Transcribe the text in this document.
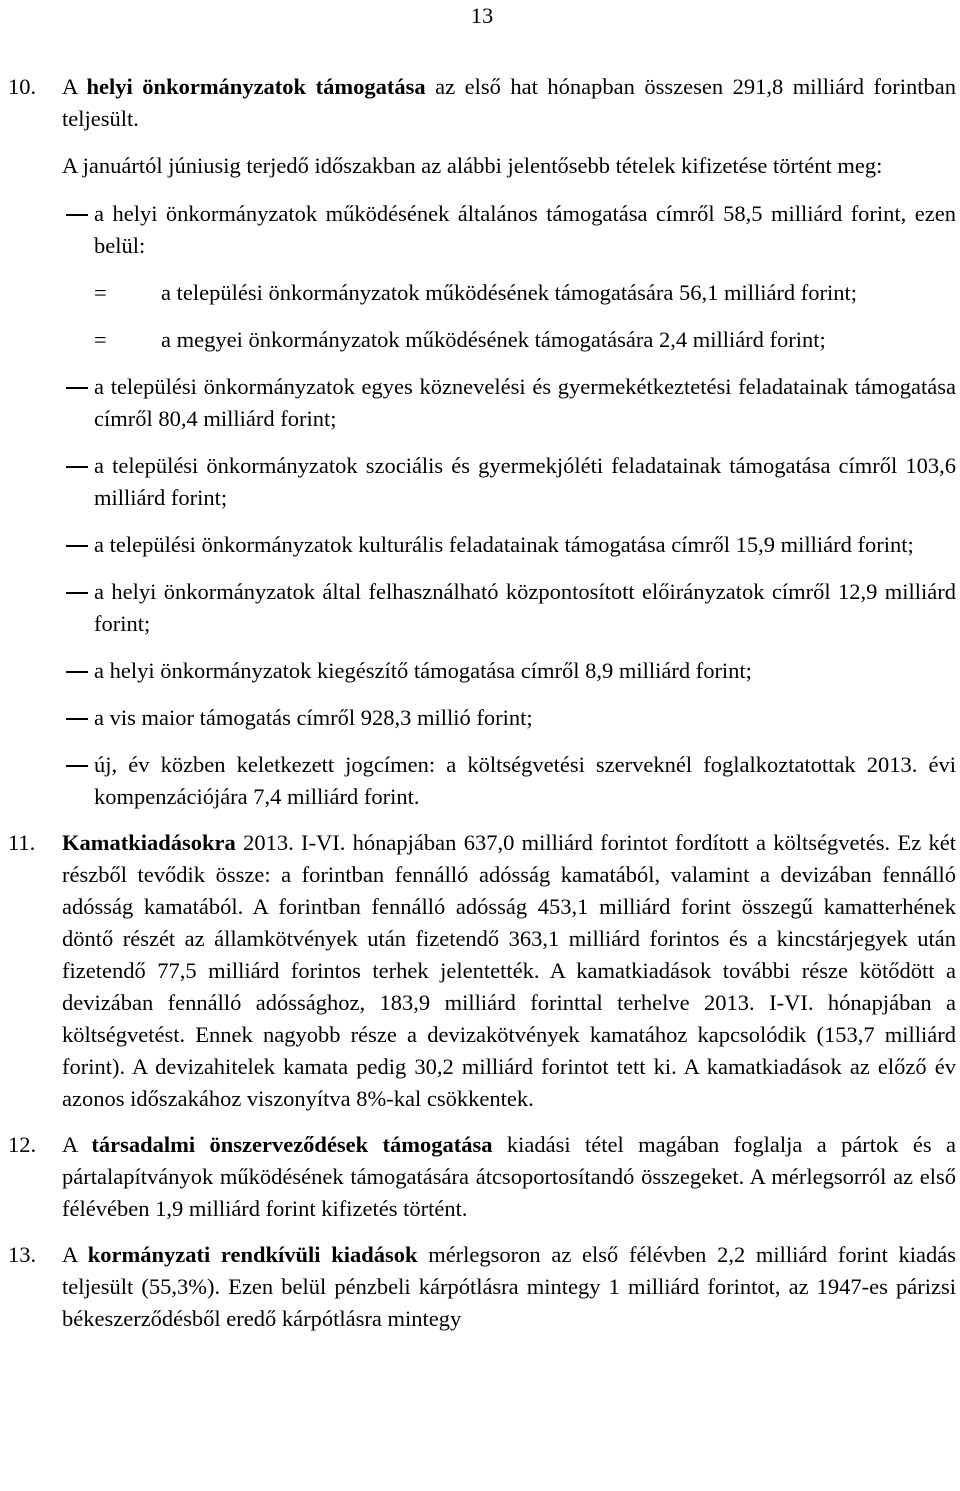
13
10.	A helyi önkormányzatok támogatása az első hat hónapban összesen 291,8 milliárd forintban teljesült.
A januártól júniusig terjedő időszakban az alábbi jelentősebb tételek kifizetése történt meg:
a helyi önkormányzatok működésének általános támogatása címről 58,5 milliárd forint, ezen belül:
=	a települési önkormányzatok működésének támogatására 56,1 milliárd forint;
=	a megyei önkormányzatok működésének támogatására 2,4 milliárd forint;
a települési önkormányzatok egyes köznevelési és gyermekétkeztetési feladatainak támogatása címről 80,4 milliárd forint;
a települési önkormányzatok szociális és gyermekjóléti feladatainak támogatása címről 103,6 milliárd forint;
a települési önkormányzatok kulturális feladatainak támogatása címről 15,9 milliárd forint;
a helyi önkormányzatok által felhasználható központosított előirányzatok címről 12,9 milliárd forint;
a helyi önkormányzatok kiegészítő támogatása címről 8,9 milliárd forint;
a vis maior támogatás címről 928,3 millió forint;
új, év közben keletkezett jogcímen: a költségvetési szerveknél foglalkoztatottak 2013. évi kompenzációjára 7,4 milliárd forint.
11.	Kamatkiadásokra 2013. I-VI. hónapjában 637,0 milliárd forintot fordított a költségvetés. Ez két részből tevődik össze: a forintban fennálló adósság kamatából, valamint a devizában fennálló adósság kamatából. A forintban fennálló adósság 453,1 milliárd forint összegű kamatterhének döntő részét az államkötvények után fizetendő 363,1 milliárd forintos és a kincstárjegyek után fizetendő 77,5 milliárd forintos terhek jelentették. A kamatkiadások további része kötődött a devizában fennálló adóssághoz, 183,9 milliárd forinttal terhelve 2013. I-VI. hónapjában a költségvetést. Ennek nagyobb része a devizakötvények kamatához kapcsolódik (153,7 milliárd forint). A devizahitelek kamata pedig 30,2 milliárd forintot tett ki. A kamatkiadások az előző év azonos időszakához viszonyítva 8%-kal csökkentek.
12.	A társadalmi önszerveződések támogatása kiadási tétel magában foglalja a pártok és a pártalapítványok működésének támogatására átcsoportosítandó összegeket. A mérlegsorról az első félévében 1,9 milliárd forint kifizetés történt.
13.	A kormányzati rendkívüli kiadások mérlegsoron az első félévben 2,2 milliárd forint kiadás teljesült (55,3%). Ezen belül pénzbeli kárpótlásra mintegy 1 milliárd forintot, az 1947-es párizsi békeszerződésből eredő kárpótlásra mintegy
